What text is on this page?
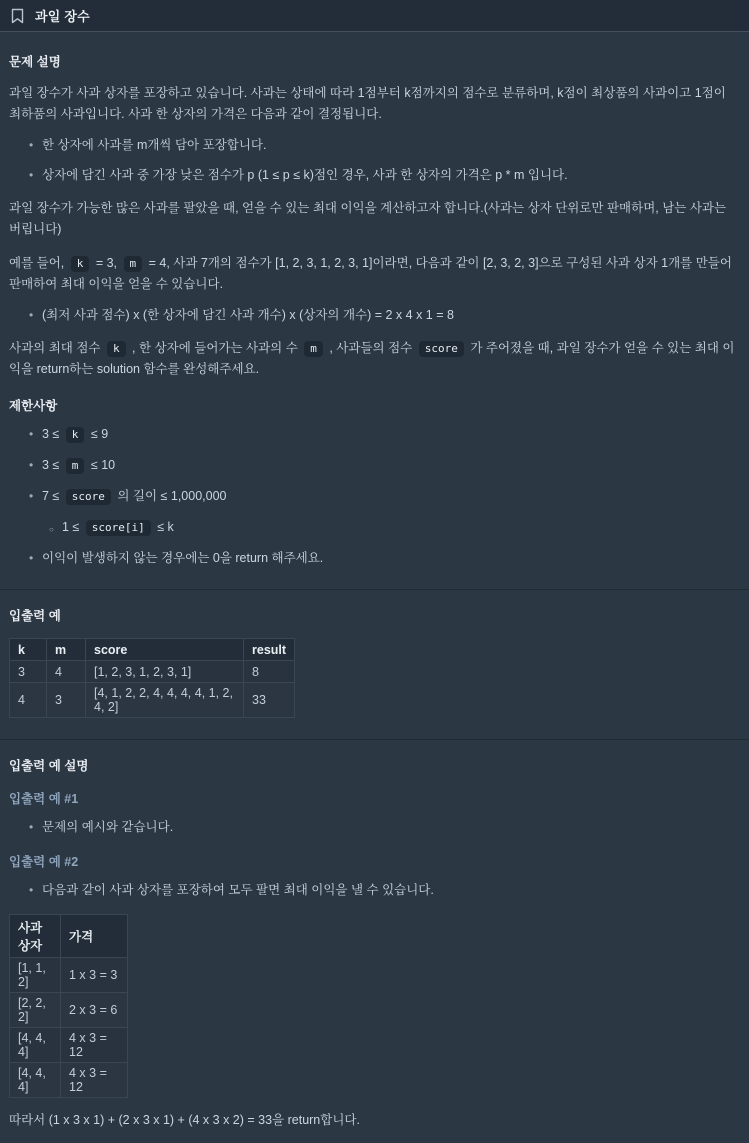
과일 장수
문제 설명

과일 장수가 사과 상자를 포장하고 있습니다. 사과는 상태에 따라 1점부터 k점까지의 점수로 분류하며, k점이 최상품의 사과이고 1점이 최하품의 사과입니다. 사과 한 상자의 가격은 다음과 같이 결정됩니다.

• 한 상자에 사과를 m개씩 담아 포장합니다.
• 상자에 담긴 사과 중 가장 낮은 점수가 p (1 ≤ p ≤ k)점인 경우, 사과 한 상자의 가격은 p * m 입니다.

과일 장수가 가능한 많은 사과를 팔았을 때, 얻을 수 있는 최대 이익을 계산하고자 합니다.(사과는 상자 단위로만 판매하며, 남는 사과는 버립니다)

예를 들어, k = 3, m = 4, 사과 7개의 점수가 [1, 2, 3, 1, 2, 3, 1]이라면, 다음과 같이 [2, 3, 2, 3]으로 구성된 사과 상자 1개를 만들어 판매하여 최대 이익을 얻을 수 있습니다.

• (최저 사과 점수) x (한 상자에 담긴 사과 개수) x (상자의 개수) = 2 x 4 x 1 = 8

사과의 최대 점수 k , 한 상자에 들어가는 사과의 수 m , 사과들의 점수 score 가 주어졌을 때, 과일 장수가 얻을 수 있는 최대 이익을 return하는 solution 함수를 완성해주세요.

제한사항
• 3 ≤ k ≤ 9
• 3 ≤ m ≤ 10
• 7 ≤ score 의 길이 ≤ 1,000,000
○ 1 ≤ score[i] ≤ k
• 이익이 발생하지 않는 경우에는 0을 return 해주세요.
입출력 예
k	m	score	result
3	4	[1, 2, 3, 1, 2, 3, 1]	8
4	3	[4, 1, 2, 2, 4, 4, 4, 4, 1, 2, 4, 2]	33
입출력 예 설명
입출력 예 #1
• 문제의 예시와 같습니다.
입출력 예 #2
• 다음과 같이 사과 상자를 포장하여 모두 팔면 최대 이익을 낼 수 있습니다.
사과 상자	가격
[1, 1, 2]	1 x 3 = 3
[2, 2, 2]	2 x 3 = 6
[4, 4, 4]	4 x 3 = 12
[4, 4, 4]	4 x 3 = 12

따라서 (1 x 3 x 1) + (2 x 3 x 1) + (4 x 3 x 2) = 33을 return합니다.
